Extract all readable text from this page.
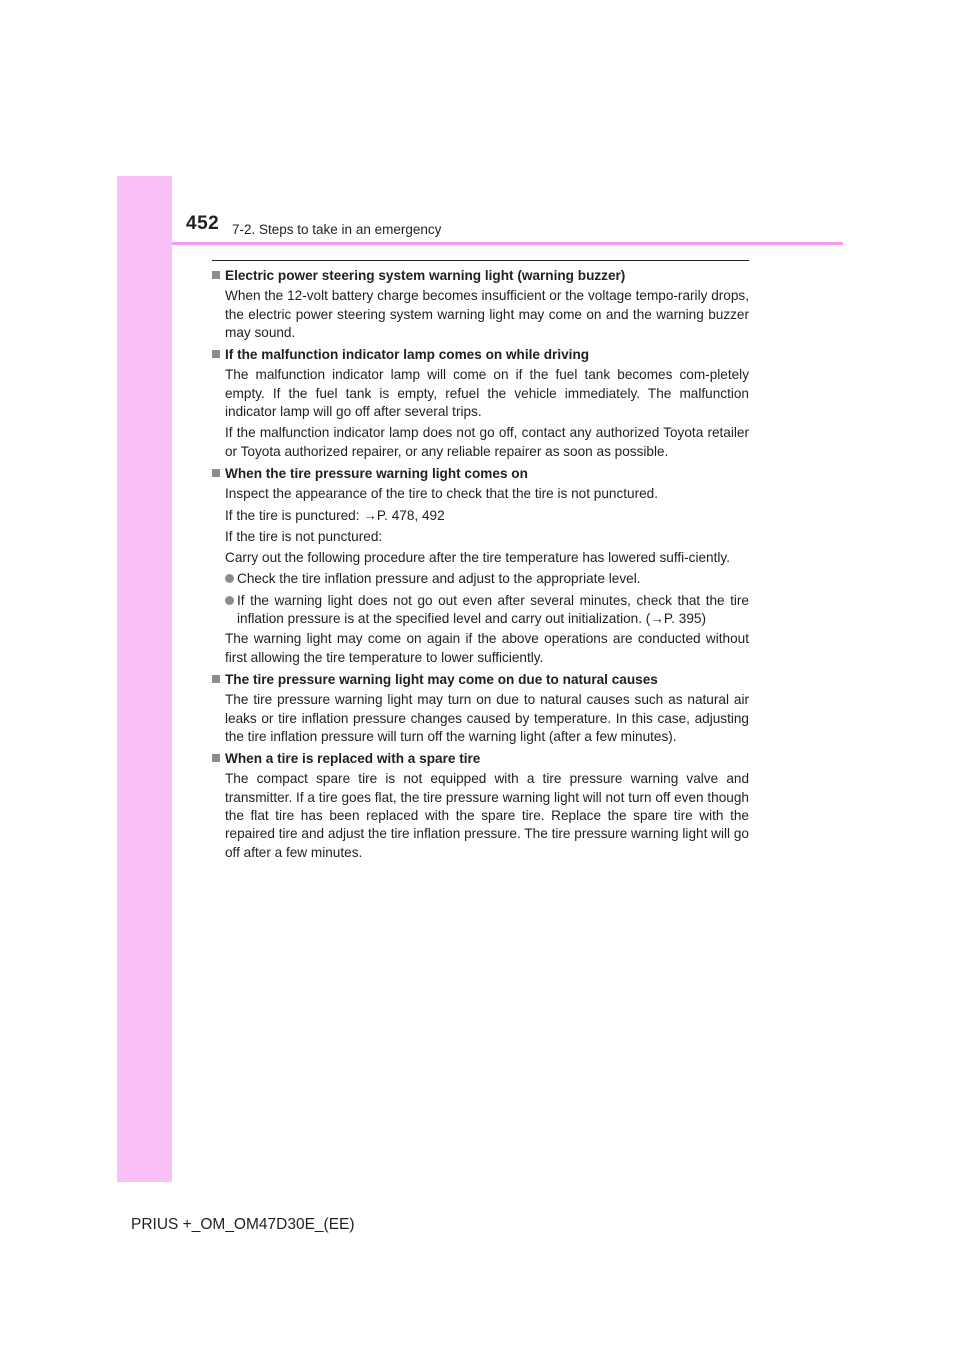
452 7-2. Steps to take in an emergency
Electric power steering system warning light (warning buzzer)
When the 12-volt battery charge becomes insufficient or the voltage tempo-rarily drops, the electric power steering system warning light may come on and the warning buzzer may sound.
If the malfunction indicator lamp comes on while driving
The malfunction indicator lamp will come on if the fuel tank becomes com-pletely empty. If the fuel tank is empty, refuel the vehicle immediately. The malfunction indicator lamp will go off after several trips.
If the malfunction indicator lamp does not go off, contact any authorized Toyota retailer or Toyota authorized repairer, or any reliable repairer as soon as possible.
When the tire pressure warning light comes on
Inspect the appearance of the tire to check that the tire is not punctured.
If the tire is punctured: →P. 478, 492
If the tire is not punctured:
Carry out the following procedure after the tire temperature has lowered suffi-ciently.
Check the tire inflation pressure and adjust to the appropriate level.
If the warning light does not go out even after several minutes, check that the tire inflation pressure is at the specified level and carry out initialization. (→P. 395)
The warning light may come on again if the above operations are conducted without first allowing the tire temperature to lower sufficiently.
The tire pressure warning light may come on due to natural causes
The tire pressure warning light may turn on due to natural causes such as natural air leaks or tire inflation pressure changes caused by temperature. In this case, adjusting the tire inflation pressure will turn off the warning light (after a few minutes).
When a tire is replaced with a spare tire
The compact spare tire is not equipped with a tire pressure warning valve and transmitter. If a tire goes flat, the tire pressure warning light will not turn off even though the flat tire has been replaced with the spare tire. Replace the spare tire with the repaired tire and adjust the tire inflation pressure. The tire pressure warning light will go off after a few minutes.
PRIUS +_OM_OM47D30E_(EE)
